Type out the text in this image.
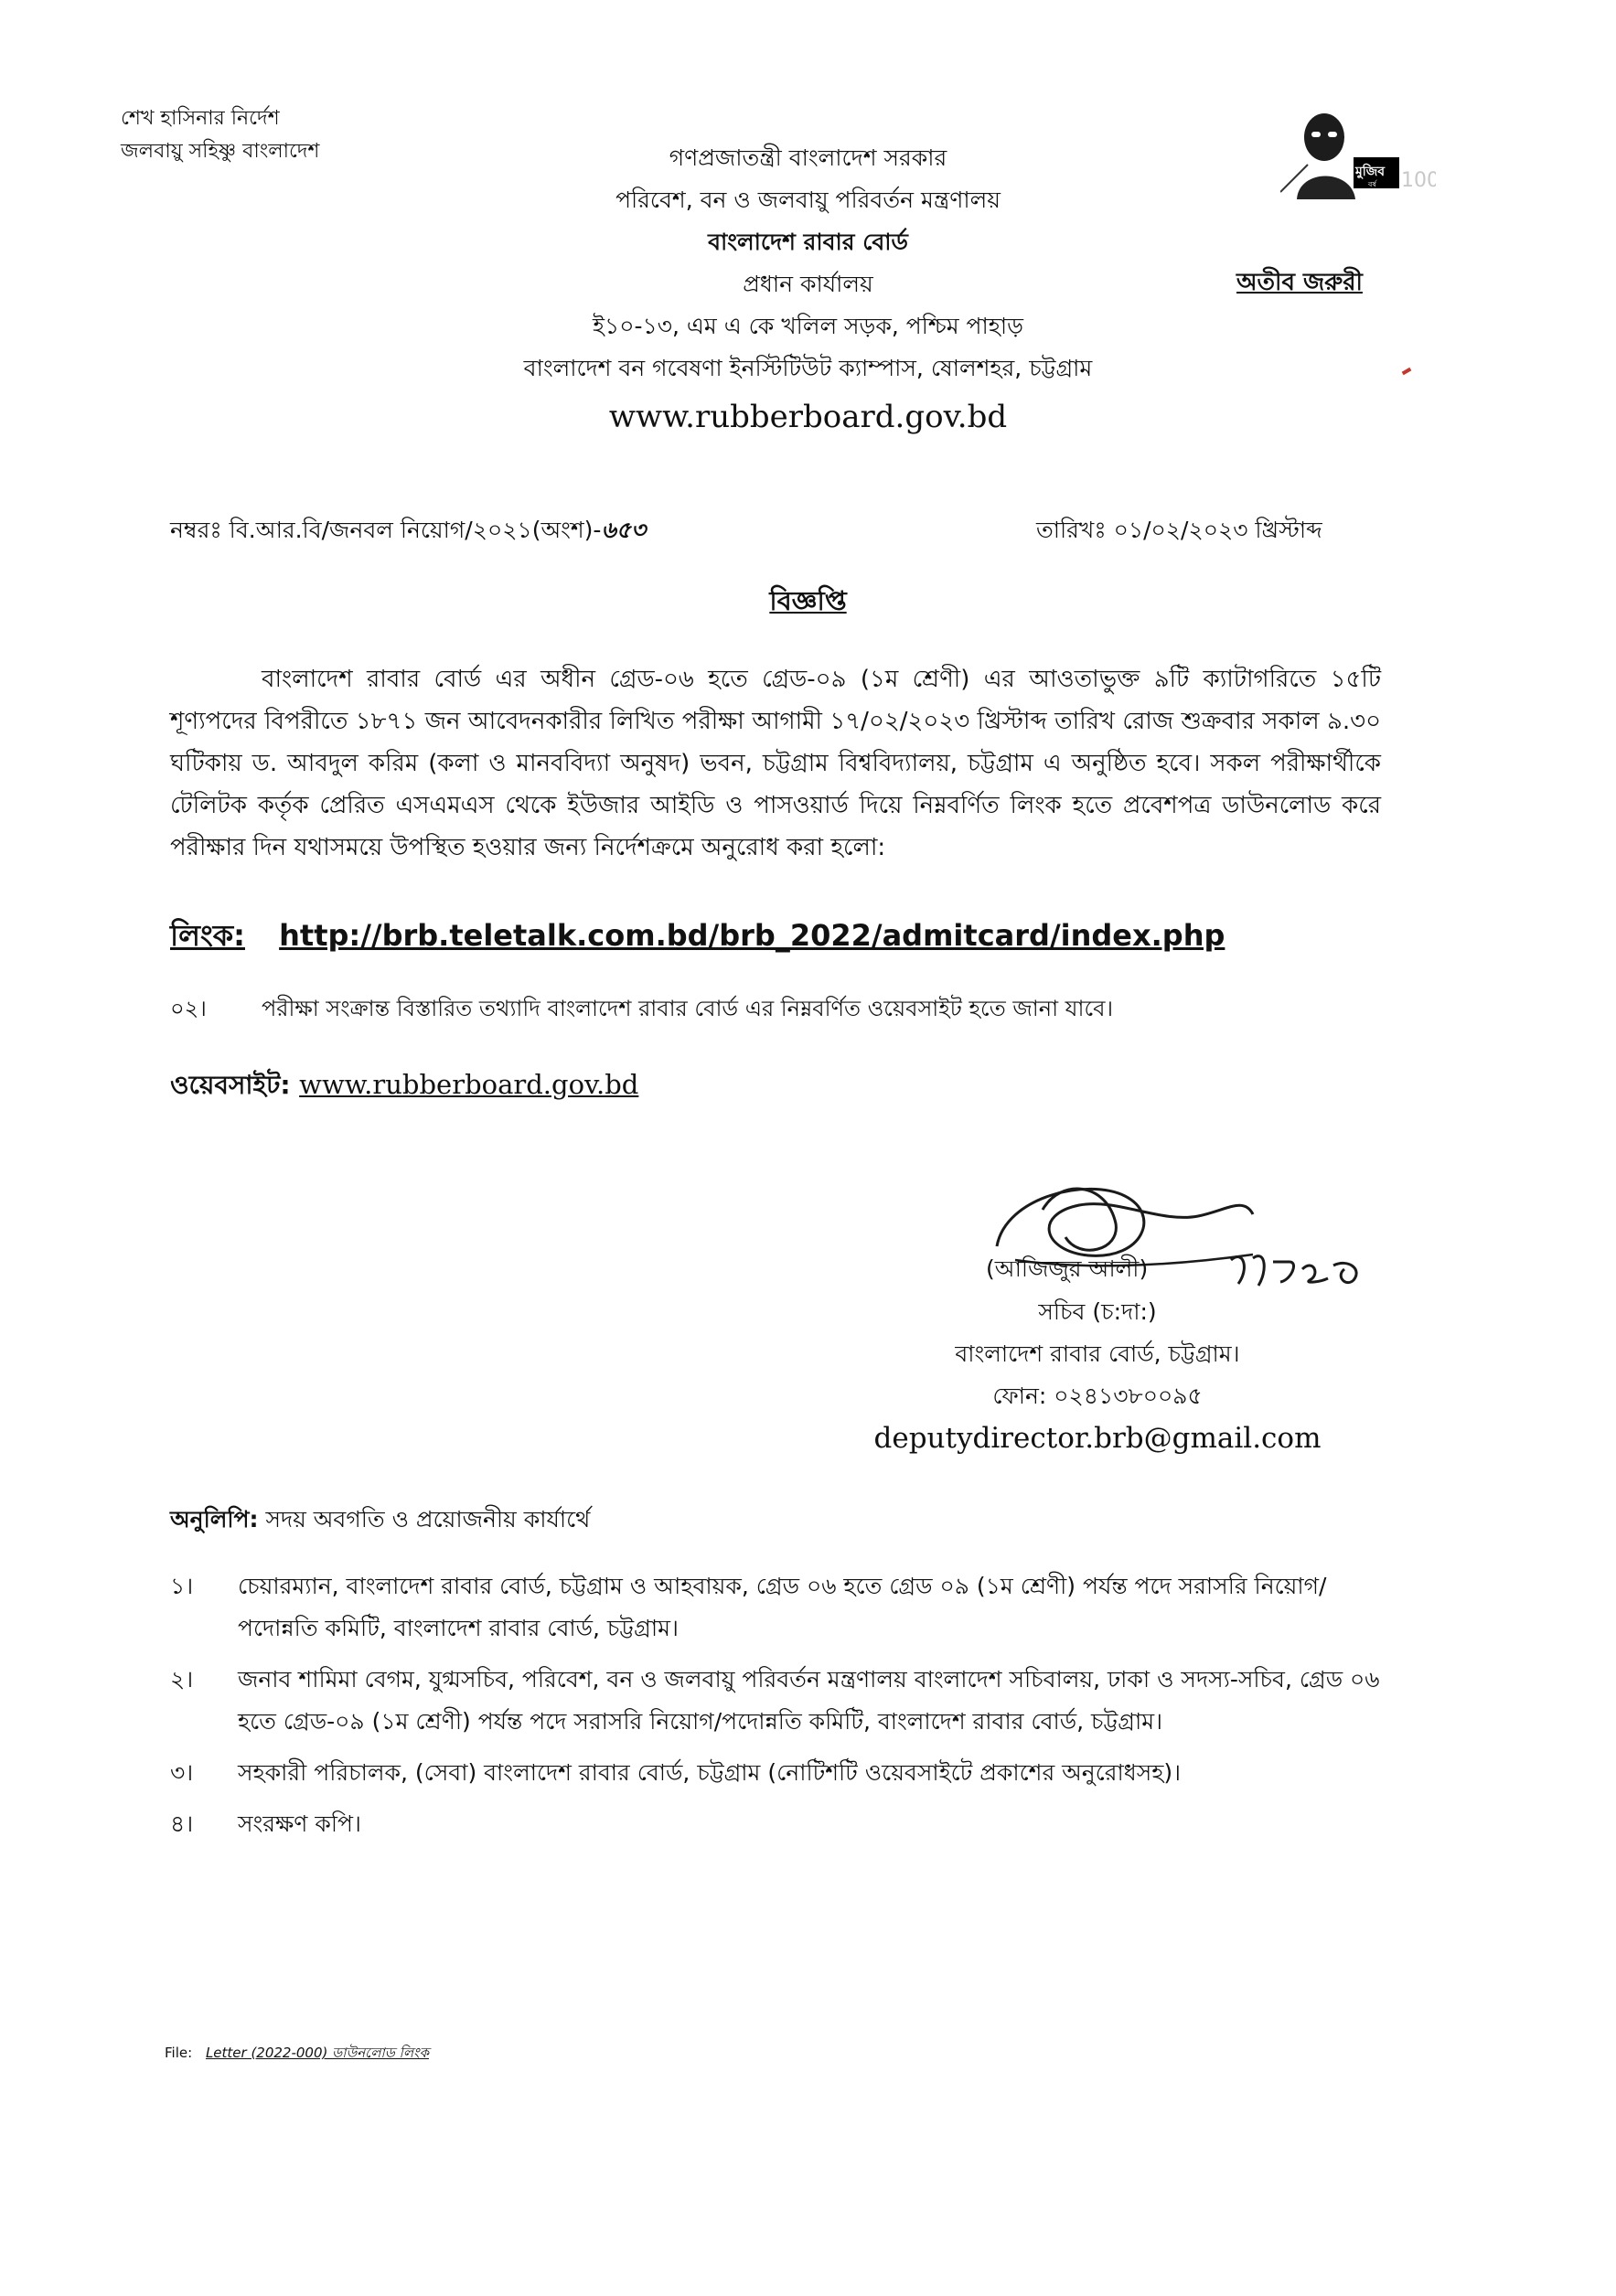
শেখ হাসিনার নির্দেশ
জলবায়ু সহিষ্ণু বাংলাদেশ
মুজিব
বর্ষ 100
গণপ্রজাতন্ত্রী বাংলাদেশ সরকার
পরিবেশ, বন ও জলবায়ু পরিবর্তন মন্ত্রণালয়
বাংলাদেশ রাবার বোর্ড
প্রধান কার্যালয়
ই১০-১৩, এম এ কে খলিল সড়ক, পশ্চিম পাহাড়
বাংলাদেশ বন গবেষণা ইনস্টিটিউট ক্যাম্পাস, ষোলশহর, চট্টগ্রাম
www.rubberboard.gov.bd
অতীব জরুরী
নম্বরঃ বি.আর.বি/জনবল নিয়োগ/২০২১(অংশ)-৬৫৩	তারিখঃ ০১/০২/২০২৩ খ্রিস্টাব্দ
বিজ্ঞপ্তি
বাংলাদেশ রাবার বোর্ড এর অধীন গ্রেড-০৬ হতে গ্রেড-০৯ (১ম শ্রেণী) এর আওতাভুক্ত ৯টি ক্যাটাগরিতে ১৫টি শূণ্যপদের বিপরীতে ১৮৭১ জন আবেদনকারীর লিখিত পরীক্ষা আগামী ১৭/০২/২০২৩ খ্রিস্টাব্দ তারিখ রোজ শুক্রবার সকাল ৯.৩০ ঘটিকায় ড. আবদুল করিম (কলা ও মানববিদ্যা অনুষদ) ভবন, চট্টগ্রাম বিশ্ববিদ্যালয়, চট্টগ্রাম এ অনুষ্ঠিত হবে। সকল পরীক্ষার্থীকে টেলিটক কর্তৃক প্রেরিত এসএমএস থেকে ইউজার আইডি ও পাসওয়ার্ড দিয়ে নিম্নবর্ণিত লিংক হতে প্রবেশপত্র ডাউনলোড করে পরীক্ষার দিন যথাসময়ে উপস্থিত হওয়ার জন্য নির্দেশক্রমে অনুরোধ করা হলো:
লিংক: http://brb.teletalk.com.bd/brb_2022/admitcard/index.php
০২।	পরীক্ষা সংক্রান্ত বিস্তারিত তথ্যাদি বাংলাদেশ রাবার বোর্ড এর নিম্নবর্ণিত ওয়েবসাইট হতে জানা যাবে।
ওয়েবসাইট: www.rubberboard.gov.bd
(আজিজুর আলী)
সচিব (চ:দা:)
বাংলাদেশ রাবার বোর্ড, চট্টগ্রাম।
ফোন: ০২৪১৩৮০০৯৫
deputydirector.brb@gmail.com
অনুলিপি: সদয় অবগতি ও প্রয়োজনীয় কার্যার্থে
১।	চেয়ারম্যান, বাংলাদেশ রাবার বোর্ড, চট্টগ্রাম ও আহবায়ক, গ্রেড ০৬ হতে গ্রেড ০৯ (১ম শ্রেণী) পর্যন্ত পদে সরাসরি নিয়োগ/পদোন্নতি কমিটি, বাংলাদেশ রাবার বোর্ড, চট্টগ্রাম।
২।	জনাব শামিমা বেগম, যুগ্মসচিব, পরিবেশ, বন ও জলবায়ু পরিবর্তন মন্ত্রণালয় বাংলাদেশ সচিবালয়, ঢাকা ও সদস্য-সচিব, গ্রেড ০৬ হতে গ্রেড-০৯ (১ম শ্রেণী) পর্যন্ত পদে সরাসরি নিয়োগ/পদোন্নতি কমিটি, বাংলাদেশ রাবার বোর্ড, চট্টগ্রাম।
৩।	সহকারী পরিচালক, (সেবা) বাংলাদেশ রাবার বোর্ড, চট্টগ্রাম (নোটিশটি ওয়েবসাইটে প্রকাশের অনুরোধসহ)।
৪।	সংরক্ষণ কপি।
File: Letter (2022-000) ডাউনলোড লিংক
